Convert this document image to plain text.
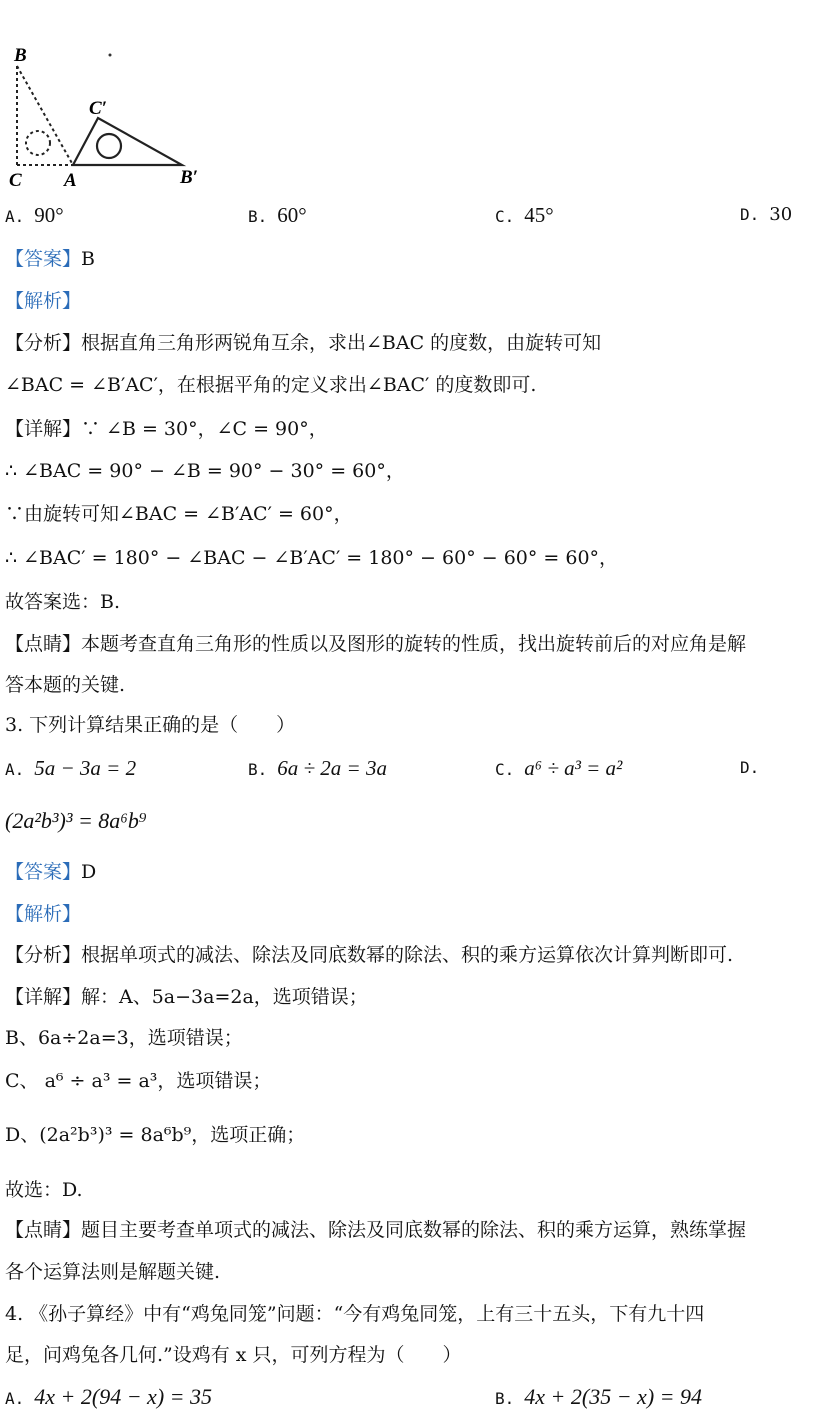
B
C′
C A	B′
A. 90°	B. 60°	C. 45°	D. 30
【答案】B
【解析】
【分析】根据直角三角形两锐角互余，求出∠BAC 的度数，由旋转可知
∠BAC = ∠B′AC′，在根据平角的定义求出∠BAC′ 的度数即可.
【详解】∵ ∠B = 30°，∠C = 90°，
∴ ∠BAC = 90° − ∠B = 90° − 30° = 60°，
∵由旋转可知∠BAC = ∠B′AC′ = 60°，
∴ ∠BAC′ = 180° − ∠BAC − ∠B′AC′ = 180° − 60° − 60° = 60°，
故答案选：B.
【点睛】本题考查直角三角形的性质以及图形的旋转的性质，找出旋转前后的对应角是解
答本题的关键.
3. 下列计算结果正确的是（　　）
A. 5a − 3a = 2	B. 6a ÷ 2a = 3a	C. a⁶ ÷ a³ = a²	D.
(2a²b³)³ = 8a⁶b⁹
【答案】D
【解析】
【分析】根据单项式的减法、除法及同底数幂的除法、积的乘方运算依次计算判断即可.
【详解】解：A、5a−3a=2a，选项错误；
B、6a÷2a=3，选项错误；
C、 a⁶ ÷ a³ = a³，选项错误；
D、(2a²b³)³ = 8a⁶b⁹，选项正确；
故选：D.
【点睛】题目主要考查单项式的减法、除法及同底数幂的除法、积的乘方运算，熟练掌握
各个运算法则是解题关键.
4. 《孙子算经》中有“鸡兔同笼”问题：“今有鸡兔同笼，上有三十五头，下有九十四
足，问鸡兔各几何.”设鸡有 x 只，可列方程为（　　）
A. 4x + 2(94 − x) = 35	B. 4x + 2(35 − x) = 94
